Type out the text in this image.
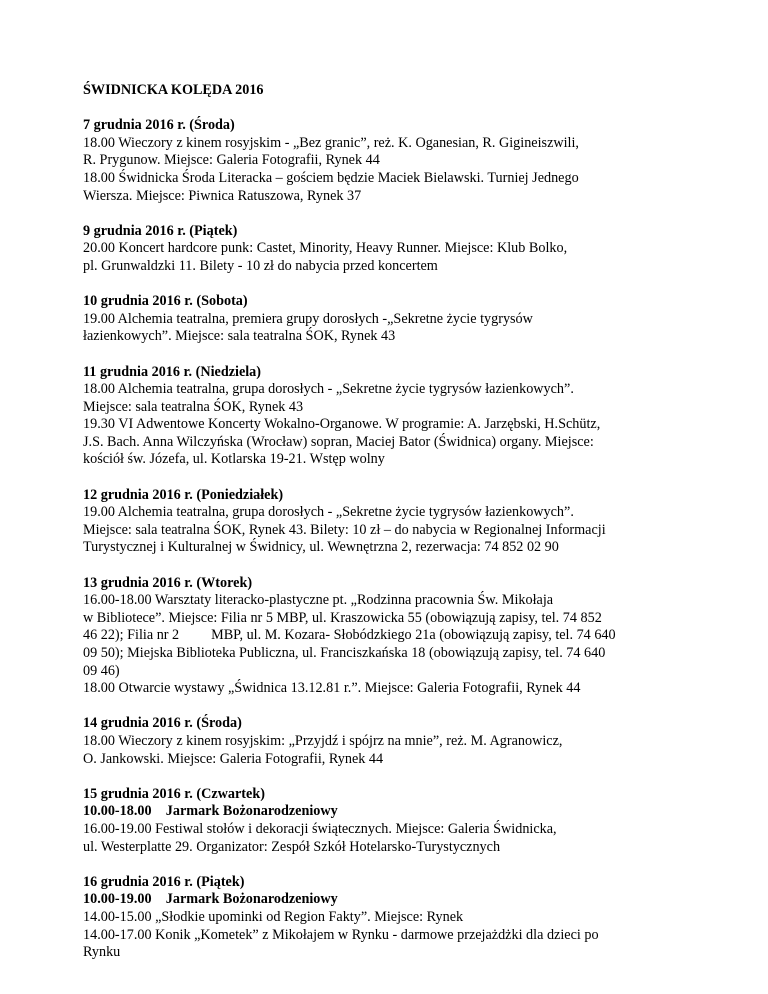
ŚWIDNICKA KOLĘDA 2016
7 grudnia 2016 r. (Środa)
18.00 Wieczory z kinem rosyjskim - „Bez granic”, reż. K. Oganesian, R. Gigineiszwili,
R. Prygunow. Miejsce: Galeria Fotografii, Rynek 44
18.00 Świdnicka Środa Literacka – gościem będzie Maciek Bielawski. Turniej Jednego
Wiersza. Miejsce: Piwnica Ratuszowa, Rynek 37
9 grudnia 2016 r. (Piątek)
20.00 Koncert hardcore punk: Castet, Minority, Heavy Runner. Miejsce: Klub Bolko,
pl. Grunwaldzki 11. Bilety - 10 zł do nabycia przed koncertem
10 grudnia 2016 r. (Sobota)
19.00 Alchemia teatralna, premiera grupy dorosłych -„Sekretne życie tygrysów
łazienkowych”. Miejsce: sala teatralna ŚOK, Rynek 43
11 grudnia 2016 r. (Niedziela)
18.00 Alchemia teatralna, grupa dorosłych - „Sekretne życie tygrysów łazienkowych”.
Miejsce: sala teatralna ŚOK, Rynek 43
19.30 VI Adwentowe Koncerty Wokalno-Organowe. W programie: A. Jarzębski, H.Schütz,
J.S. Bach. Anna Wilczyńska (Wrocław) sopran, Maciej Bator (Świdnica) organy. Miejsce:
kościół św. Józefa, ul. Kotlarska 19-21. Wstęp wolny
12 grudnia 2016 r. (Poniedziałek)
19.00 Alchemia teatralna, grupa dorosłych - „Sekretne życie tygrysów łazienkowych”.
Miejsce: sala teatralna ŚOK, Rynek 43. Bilety: 10 zł – do nabycia w Regionalnej Informacji
Turystycznej i Kulturalnej w Świdnicy, ul. Wewnętrzna 2, rezerwacja: 74 852 02 90
13 grudnia 2016 r. (Wtorek)
16.00-18.00 Warsztaty literacko-plastyczne pt. „Rodzinna pracownia Św. Mikołaja
w Bibliotece”. Miejsce: Filia nr 5 MBP, ul. Kraszowicka 55 (obowiązują zapisy, tel. 74 852
46 22); Filia nr 2         MBP, ul. M. Kozara- Słobódzkiego 21a (obowiązują zapisy, tel. 74 640
09 50); Miejska Biblioteka Publiczna, ul. Franciszkańska 18 (obowiązują zapisy, tel. 74 640
09 46)
18.00 Otwarcie wystawy „Świdnica 13.12.81 r.”. Miejsce: Galeria Fotografii, Rynek 44
14 grudnia 2016 r. (Środa)
18.00 Wieczory z kinem rosyjskim: „Przyjdź i spójrz na mnie”, reż. M. Agranowicz,
O. Jankowski. Miejsce: Galeria Fotografii, Rynek 44
15 grudnia 2016 r. (Czwartek)
10.00-18.00 Jarmark Bożonarodzeniowy
16.00-19.00 Festiwal stołów i dekoracji świątecznych. Miejsce: Galeria Świdnicka,
ul. Westerplatte 29. Organizator: Zespół Szkół Hotelarsko-Turystycznych
16 grudnia 2016 r. (Piątek)
10.00-19.00 Jarmark Bożonarodzeniowy
14.00-15.00 „Słodkie upominki od Region Fakty”. Miejsce: Rynek
14.00-17.00 Konik „Kometek” z Mikołajem w Rynku - darmowe przejażdżki dla dzieci po
Rynku
